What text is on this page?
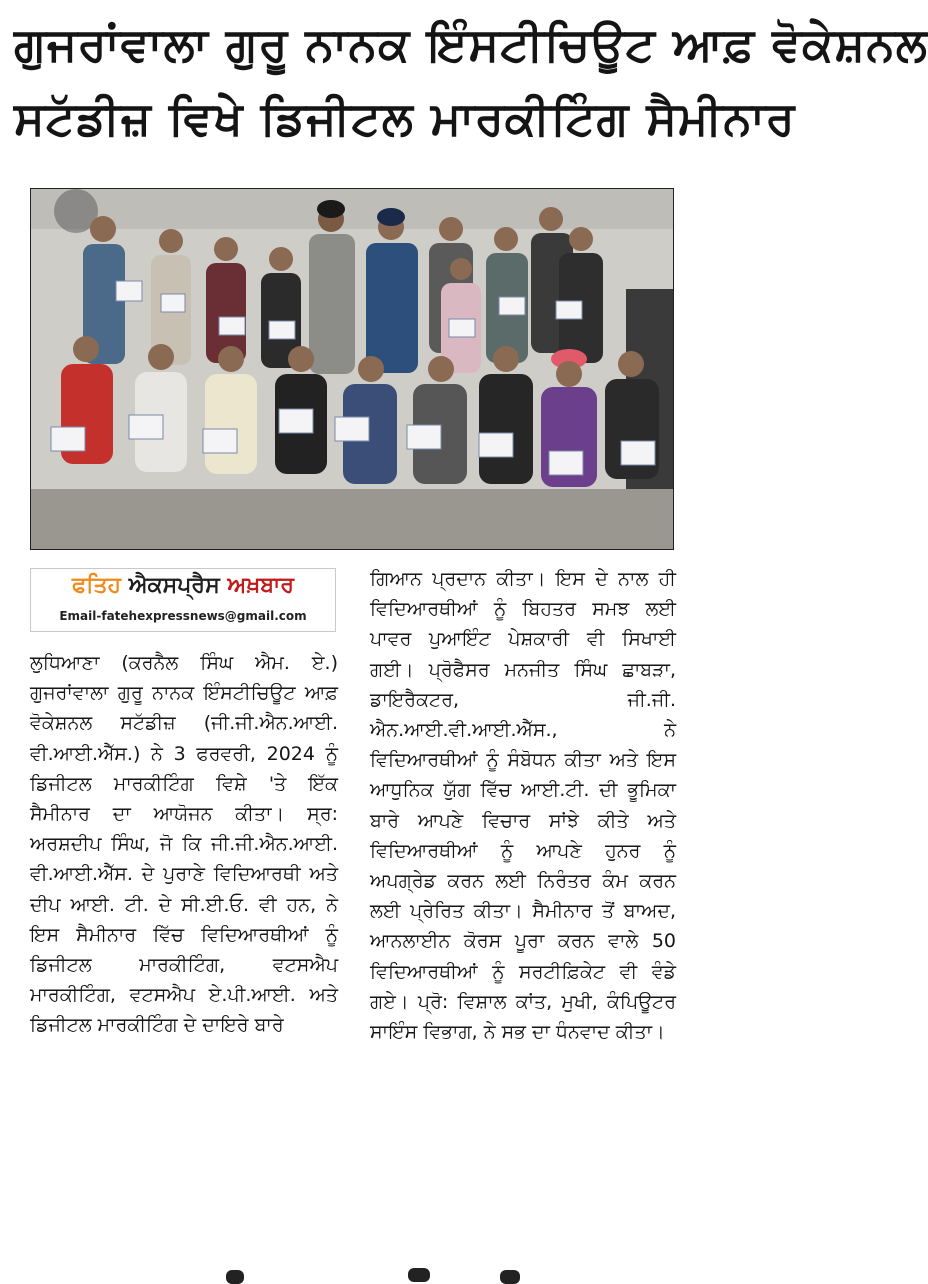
ਗੁਜਰਾਂਵਾਲਾ ਗੁਰੂ ਨਾਨਕ ਇੰਸਟੀਚਿਊਟ ਆਫ਼ ਵੋਕੇਸ਼ਨਲ
ਸਟੱਡੀਜ਼ ਵਿਖੇ ਡਿਜੀਟਲ ਮਾਰਕੀਟਿੰਗ ਸੈਮੀਨਾਰ
ਫਤਿਹ ਐਕਸਪ੍ਰੈਸ ਅਖ਼ਬਾਰ
Email-fatehexpressnews@gmail.com
ਲੁਧਿਆਣਾ (ਕਰਨੈਲ ਸਿੰਘ ਐਮ. ਏ.) ਗੁਜਰਾਂਵਾਲਾ ਗੁਰੂ ਨਾਨਕ ਇੰਸਟੀਚਿਊਟ ਆਫ਼ ਵੋਕੇਸ਼ਨਲ ਸਟੱਡੀਜ਼ (ਜੀ.ਜੀ.ਐਨ.ਆਈ. ਵੀ.ਆਈ.ਐੱਸ.) ਨੇ 3 ਫਰਵਰੀ, 2024 ਨੂੰ ਡਿਜੀਟਲ ਮਾਰਕੀਟਿੰਗ ਵਿਸ਼ੇ 'ਤੇ ਇੱਕ ਸੈਮੀਨਾਰ ਦਾ ਆਯੋਜਨ ਕੀਤਾ। ਸ੍ਰ: ਅਰਸ਼ਦੀਪ ਸਿੰਘ, ਜੋ ਕਿ ਜੀ.ਜੀ.ਐਨ.ਆਈ. ਵੀ.ਆਈ.ਐੱਸ. ਦੇ ਪੁਰਾਣੇ ਵਿਦਿਆਰਥੀ ਅਤੇ ਦੀਪ ਆਈ. ਟੀ. ਦੇ ਸੀ.ਈ.ਓ. ਵੀ ਹਨ, ਨੇ ਇਸ ਸੈਮੀਨਾਰ ਵਿੱਚ ਵਿਦਿਆਰਥੀਆਂ ਨੂੰ ਡਿਜੀਟਲ ਮਾਰਕੀਟਿੰਗ, ਵਟਸਐਪ ਮਾਰਕੀਟਿੰਗ, ਵਟਸਐਪ ਏ.ਪੀ.ਆਈ. ਅਤੇ ਡਿਜੀਟਲ ਮਾਰਕੀਟਿੰਗ ਦੇ ਦਾਇਰੇ ਬਾਰੇ
ਗਿਆਨ ਪ੍ਰਦਾਨ ਕੀਤਾ। ਇਸ ਦੇ ਨਾਲ ਹੀ ਵਿਦਿਆਰਥੀਆਂ ਨੂੰ ਬਿਹਤਰ ਸਮਝ ਲਈ ਪਾਵਰ ਪੁਆਇੰਟ ਪੇਸ਼ਕਾਰੀ ਵੀ ਸਿਖਾਈ ਗਈ। ਪ੍ਰੋਫੈਸਰ ਮਨਜੀਤ ਸਿੰਘ ਛਾਬੜਾ, ਡਾਇਰੈਕਟਰ, ਜੀ.ਜੀ. ਐਨ.ਆਈ.ਵੀ.ਆਈ.ਐੱਸ., ਨੇ ਵਿਦਿਆਰਥੀਆਂ ਨੂੰ ਸੰਬੋਧਨ ਕੀਤਾ ਅਤੇ ਇਸ ਆਧੁਨਿਕ ਯੁੱਗ ਵਿੱਚ ਆਈ.ਟੀ. ਦੀ ਭੂਮਿਕਾ ਬਾਰੇ ਆਪਣੇ ਵਿਚਾਰ ਸਾਂਝੇ ਕੀਤੇ ਅਤੇ ਵਿਦਿਆਰਥੀਆਂ ਨੂੰ ਆਪਣੇ ਹੁਨਰ ਨੂੰ ਅਪਗ੍ਰੇਡ ਕਰਨ ਲਈ ਨਿਰੰਤਰ ਕੰਮ ਕਰਨ ਲਈ ਪ੍ਰੇਰਿਤ ਕੀਤਾ। ਸੈਮੀਨਾਰ ਤੋਂ ਬਾਅਦ, ਆਨਲਾਈਨ ਕੋਰਸ ਪੂਰਾ ਕਰਨ ਵਾਲੇ 50 ਵਿਦਿਆਰਥੀਆਂ ਨੂੰ ਸਰਟੀਫ਼ਿਕੇਟ ਵੀ ਵੰਡੇ ਗਏ। ਪ੍ਰੋ: ਵਿਸ਼ਾਲ ਕਾਂਤ, ਮੁਖੀ, ਕੰਪਿਊਟਰ ਸਾਇੰਸ ਵਿਭਾਗ, ਨੇ ਸਭ ਦਾ ਧੰਨਵਾਦ ਕੀਤਾ।
